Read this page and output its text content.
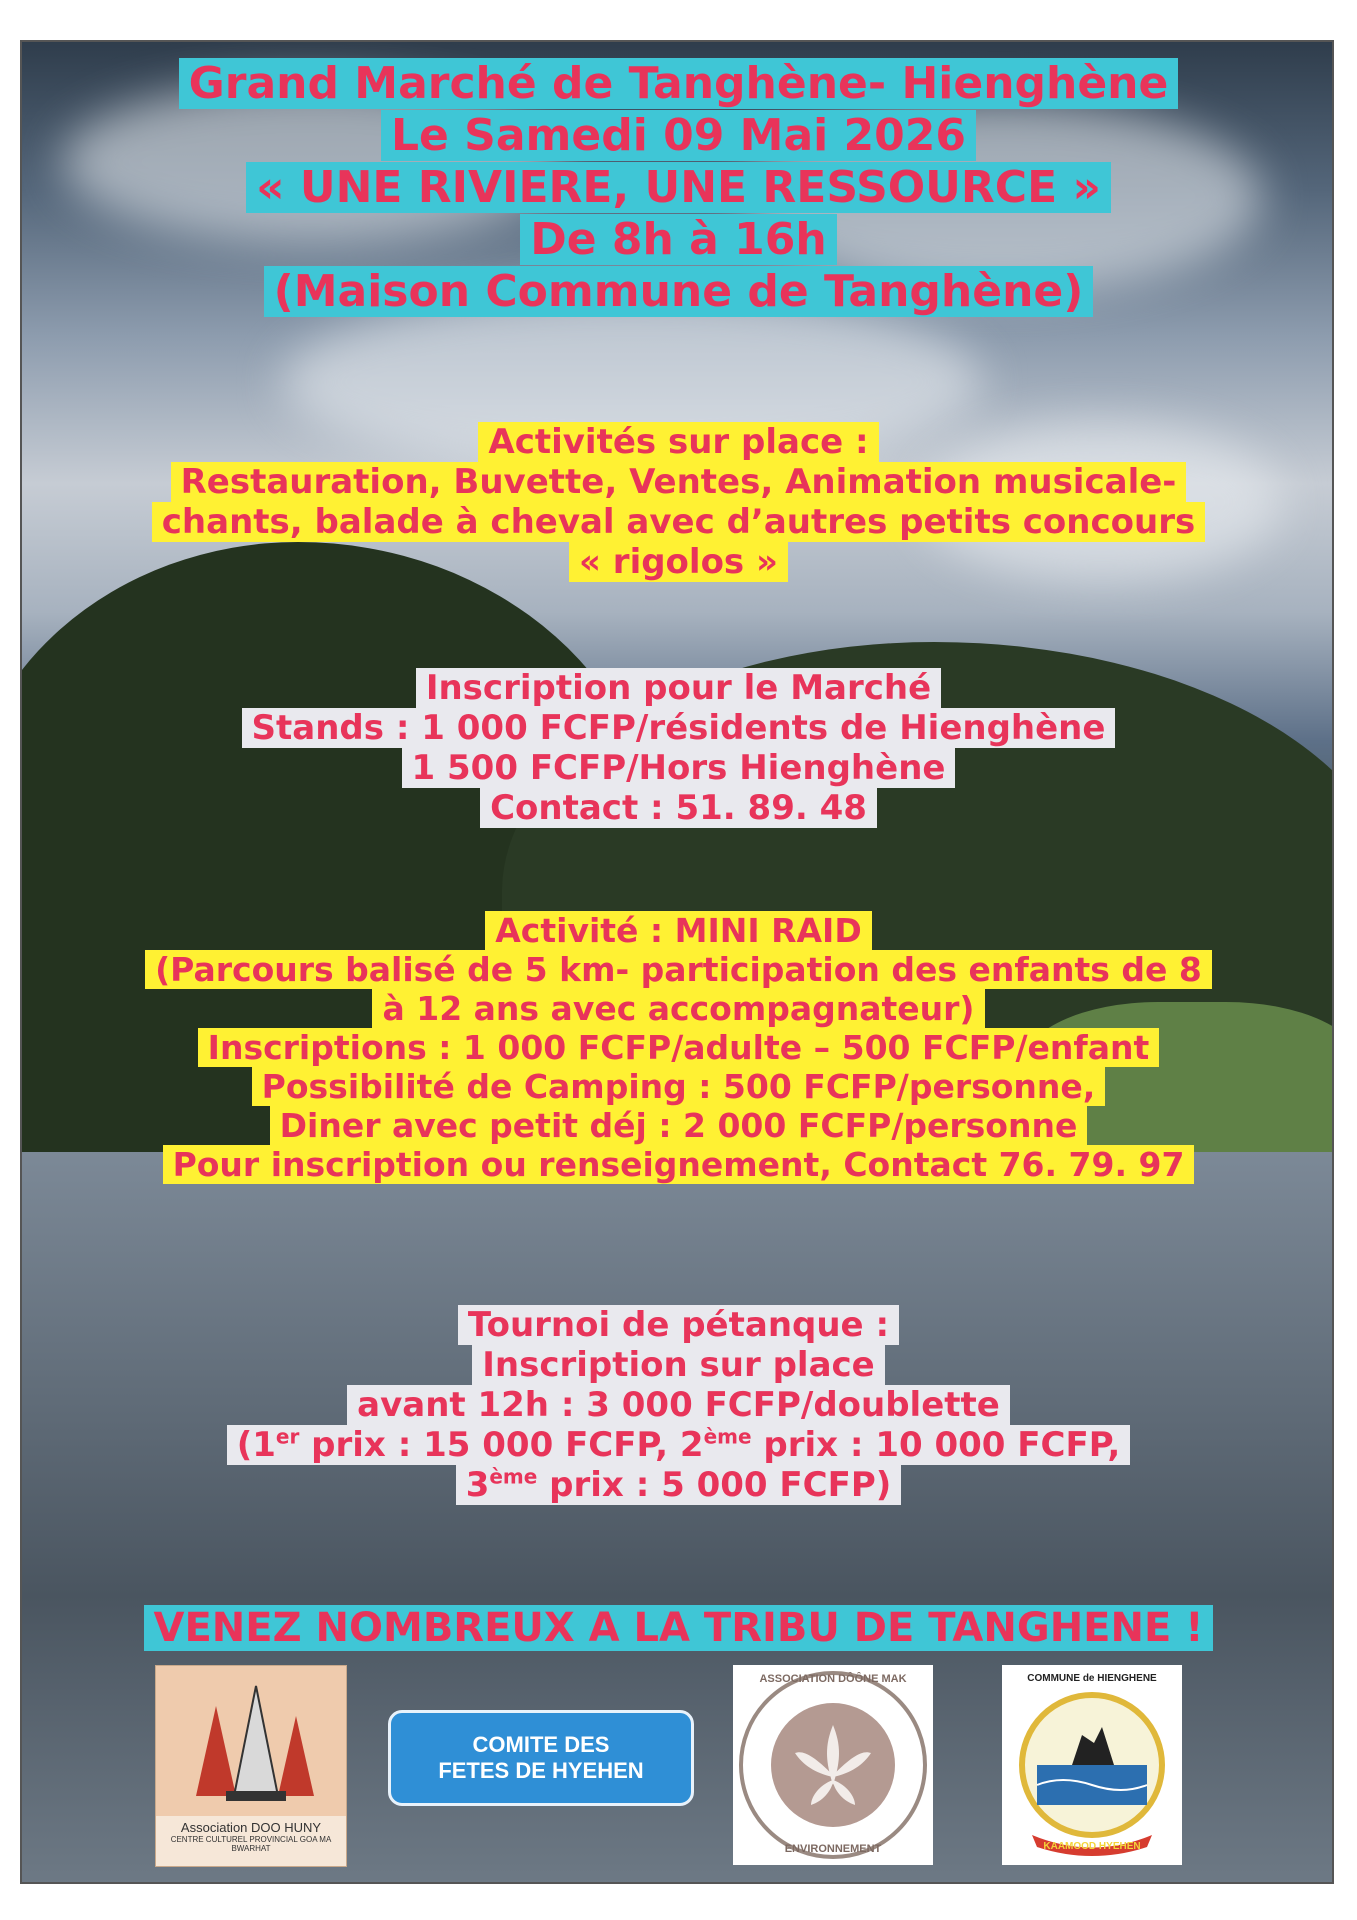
Grand Marché de Tanghène- Hienghène

Le Samedi 09 Mai 2026

« UNE RIVIERE, UNE RESSOURCE »

De 8h à 16h

(Maison Commune de Tanghène)

Activités sur place :

Restauration, Buvette, Ventes, Animation musicale-

chants, balade à cheval avec d’autres petits concours

« rigolos »

Inscription pour le Marché

Stands : 1 000 FCFP/résidents de Hienghène

1 500 FCFP/Hors Hienghène

Contact : 51. 89. 48

Activité : MINI RAID

(Parcours balisé de 5 km- participation des enfants de 8

à 12 ans avec accompagnateur)

Inscriptions : 1 000 FCFP/adulte – 500 FCFP/enfant

Possibilité de Camping : 500 FCFP/personne,

Diner avec petit déj : 2 000 FCFP/personne

Pour inscription ou renseignement, Contact 76. 79. 97

Tournoi de pétanque :

Inscription sur place

avant 12h : 3 000 FCFP/doublette

(1er prix : 15 000 FCFP, 2ème prix : 10 000 FCFP,

3ème prix : 5 000 FCFP)

VENEZ NOMBREUX A LA TRIBU DE TANGHENE !

Association DOO HUNY
CENTRE CULTUREL PROVINCIAL GOA MA BWARHAT
COMITE DES
FETES DE HYEHEN
ASSOCIATION DÔÔNE MAK
ENVIRONNEMENT
COMMUNE de HIENGHENE
KAAMOOD HYEHEN
